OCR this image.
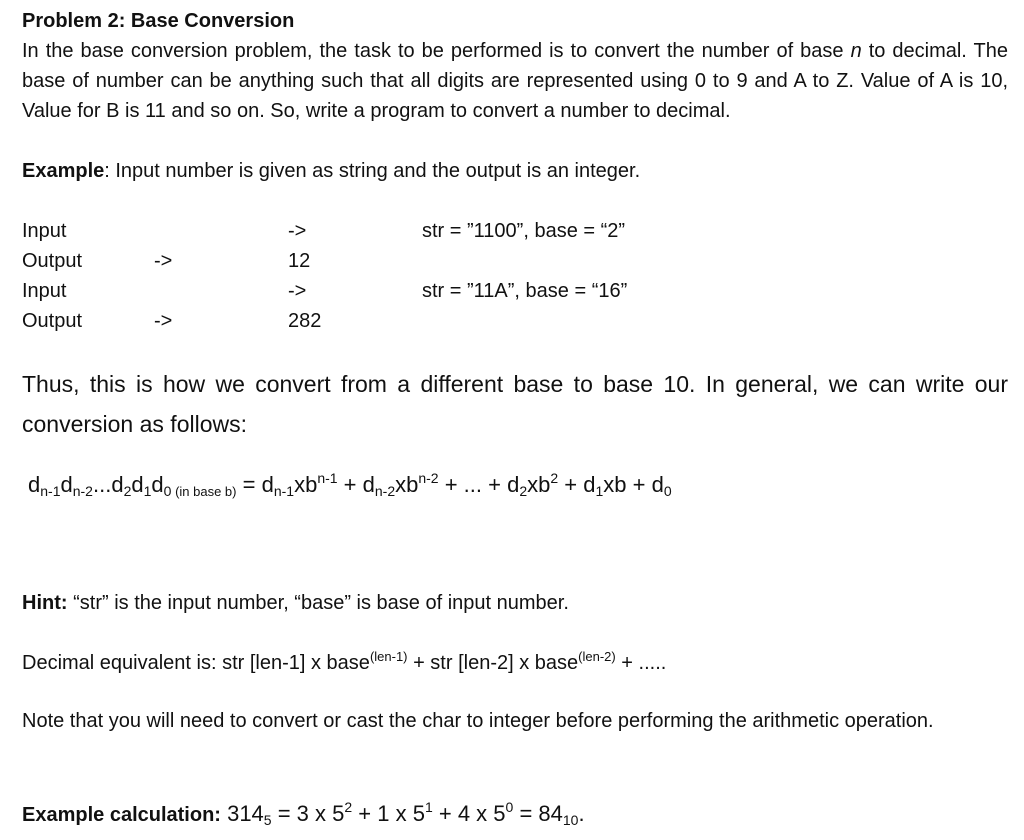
Problem 2: Base Conversion
In the base conversion problem, the task to be performed is to convert the number of base n to decimal. The base of number can be anything such that all digits are represented using 0 to 9 and A to Z. Value of A is 10, Value for B is 11 and so on. So, write a program to convert a number to decimal.
Example: Input number is given as string and the output is an integer.
Input	->	str = ”1100”, base = “2”
Output	->	12
Input	->	str = ”11A”, base = “16”
Output	->	282
Thus, this is how we convert from a different base to base 10. In general, we can write our conversion as follows:
$d_{n-1}d_{n-2}...d_2d_1d_0$ $_{(in base b)} = d_{n-1}xb^{n-1} + d_{n-2}xb^{n-2}$ + ... + $d_2xb^2 + d_1xb + d_0$
Hint: “str” is the input number, “base” is base of input number.
Decimal equivalent is: str [len-1] x base$^{(len-1)}$ + str [len-2] x base$^{(len-2)}$ + .....
Note that you will need to convert or cast the char to integer before performing the arithmetic operation.
Example calculation: $314_5 = 3$ x $5^2 + 1$ x $5^1 + 4$ x $5^0 = 84_{10}$.
